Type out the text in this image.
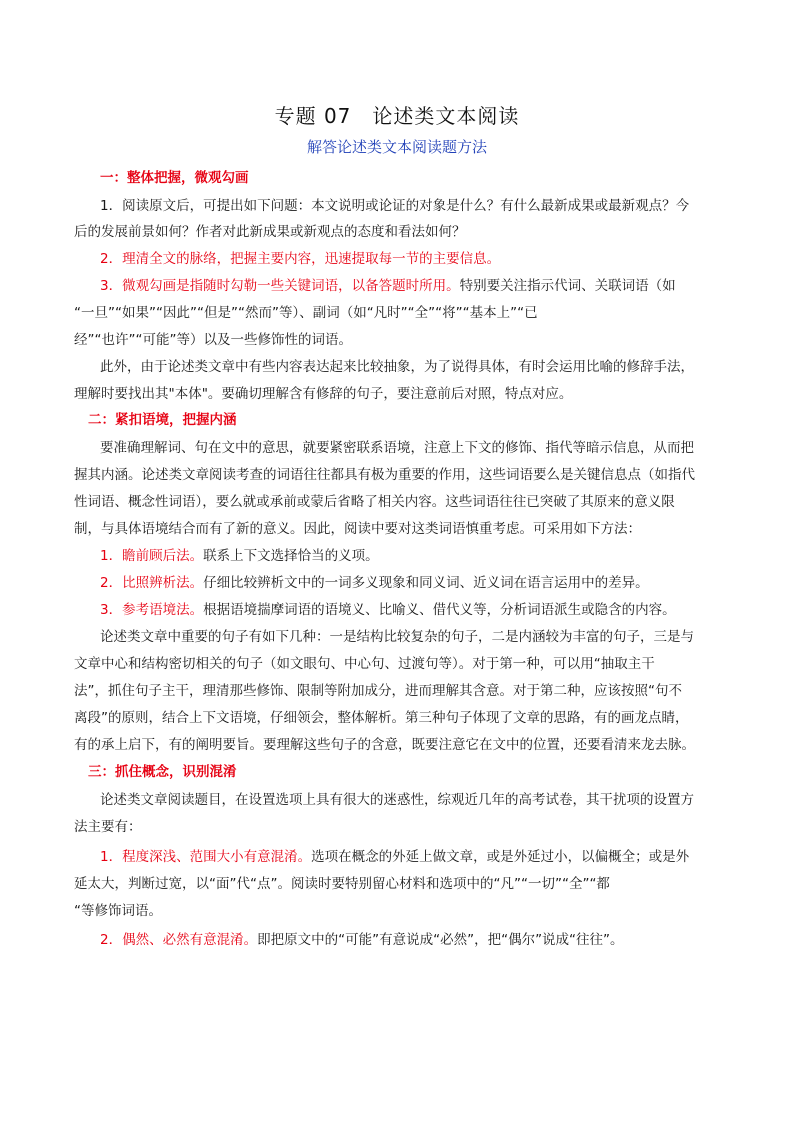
专题 07　论述类文本阅读
解答论述类文本阅读题方法
一：整体把握，微观勾画
1．阅读原文后，可提出如下问题：本文说明或论证的对象是什么？有什么最新成果或最新观点？今
后的发展前景如何？作者对此新成果或新观点的态度和看法如何？
2．理清全文的脉络，把握主要内容，迅速提取每一节的主要信息。
3．微观勾画是指随时勾勒一些关键词语，以备答题时所用。特别要关注指示代词、关联词语（如
“一旦”“如果”“因此”“但是”“然而”等）、副词（如“凡时”“全”“将”“基本上”“已
经”“也许”“可能”等）以及一些修饰性的词语。
此外，由于论述类文章中有些内容表达起来比较抽象，为了说得具体，有时会运用比喻的修辞手法，
理解时要找出其"本体"。要确切理解含有修辞的句子，要注意前后对照，特点对应。
二：紧扣语境，把握内涵
要准确理解词、句在文中的意思，就要紧密联系语境，注意上下文的修饰、指代等暗示信息，从而把
握其内涵。论述类文章阅读考查的词语往往都具有极为重要的作用，这些词语要么是关键信息点（如指代
性词语、概念性词语），要么就或承前或蒙后省略了相关内容。这些词语往往已突破了其原来的意义限
制，与具体语境结合而有了新的意义。因此，阅读中要对这类词语慎重考虑。可采用如下方法：
1．瞻前顾后法。联系上下文选择恰当的义项。
2．比照辨析法。仔细比较辨析文中的一词多义现象和同义词、近义词在语言运用中的差异。
3．参考语境法。根据语境揣摩词语的语境义、比喻义、借代义等，分析词语派生或隐含的内容。
论述类文章中重要的句子有如下几种：一是结构比较复杂的句子，二是内涵较为丰富的句子，三是与
文章中心和结构密切相关的句子（如文眼句、中心句、过渡句等）。对于第一种，可以用“抽取主干
法”，抓住句子主干，理清那些修饰、限制等附加成分，进而理解其含意。对于第二种，应该按照“句不
离段”的原则，结合上下文语境，仔细领会，整体解析。第三种句子体现了文章的思路，有的画龙点睛，
有的承上启下，有的阐明要旨。要理解这些句子的含意，既要注意它在文中的位置，还要看清来龙去脉。
三：抓住概念，识别混淆
论述类文章阅读题目，在设置选项上具有很大的迷惑性，综观近几年的高考试卷，其干扰项的设置方
法主要有：
1．程度深浅、范围大小有意混淆。选项在概念的外延上做文章，或是外延过小，以偏概全；或是外
延太大，判断过宽，以“面”代“点”。阅读时要特别留心材料和选项中的“凡”“一切”“全”“都
“等修饰词语。
2．偶然、必然有意混淆。即把原文中的“可能”有意说成“必然”，把“偶尔”说成“往往”。
